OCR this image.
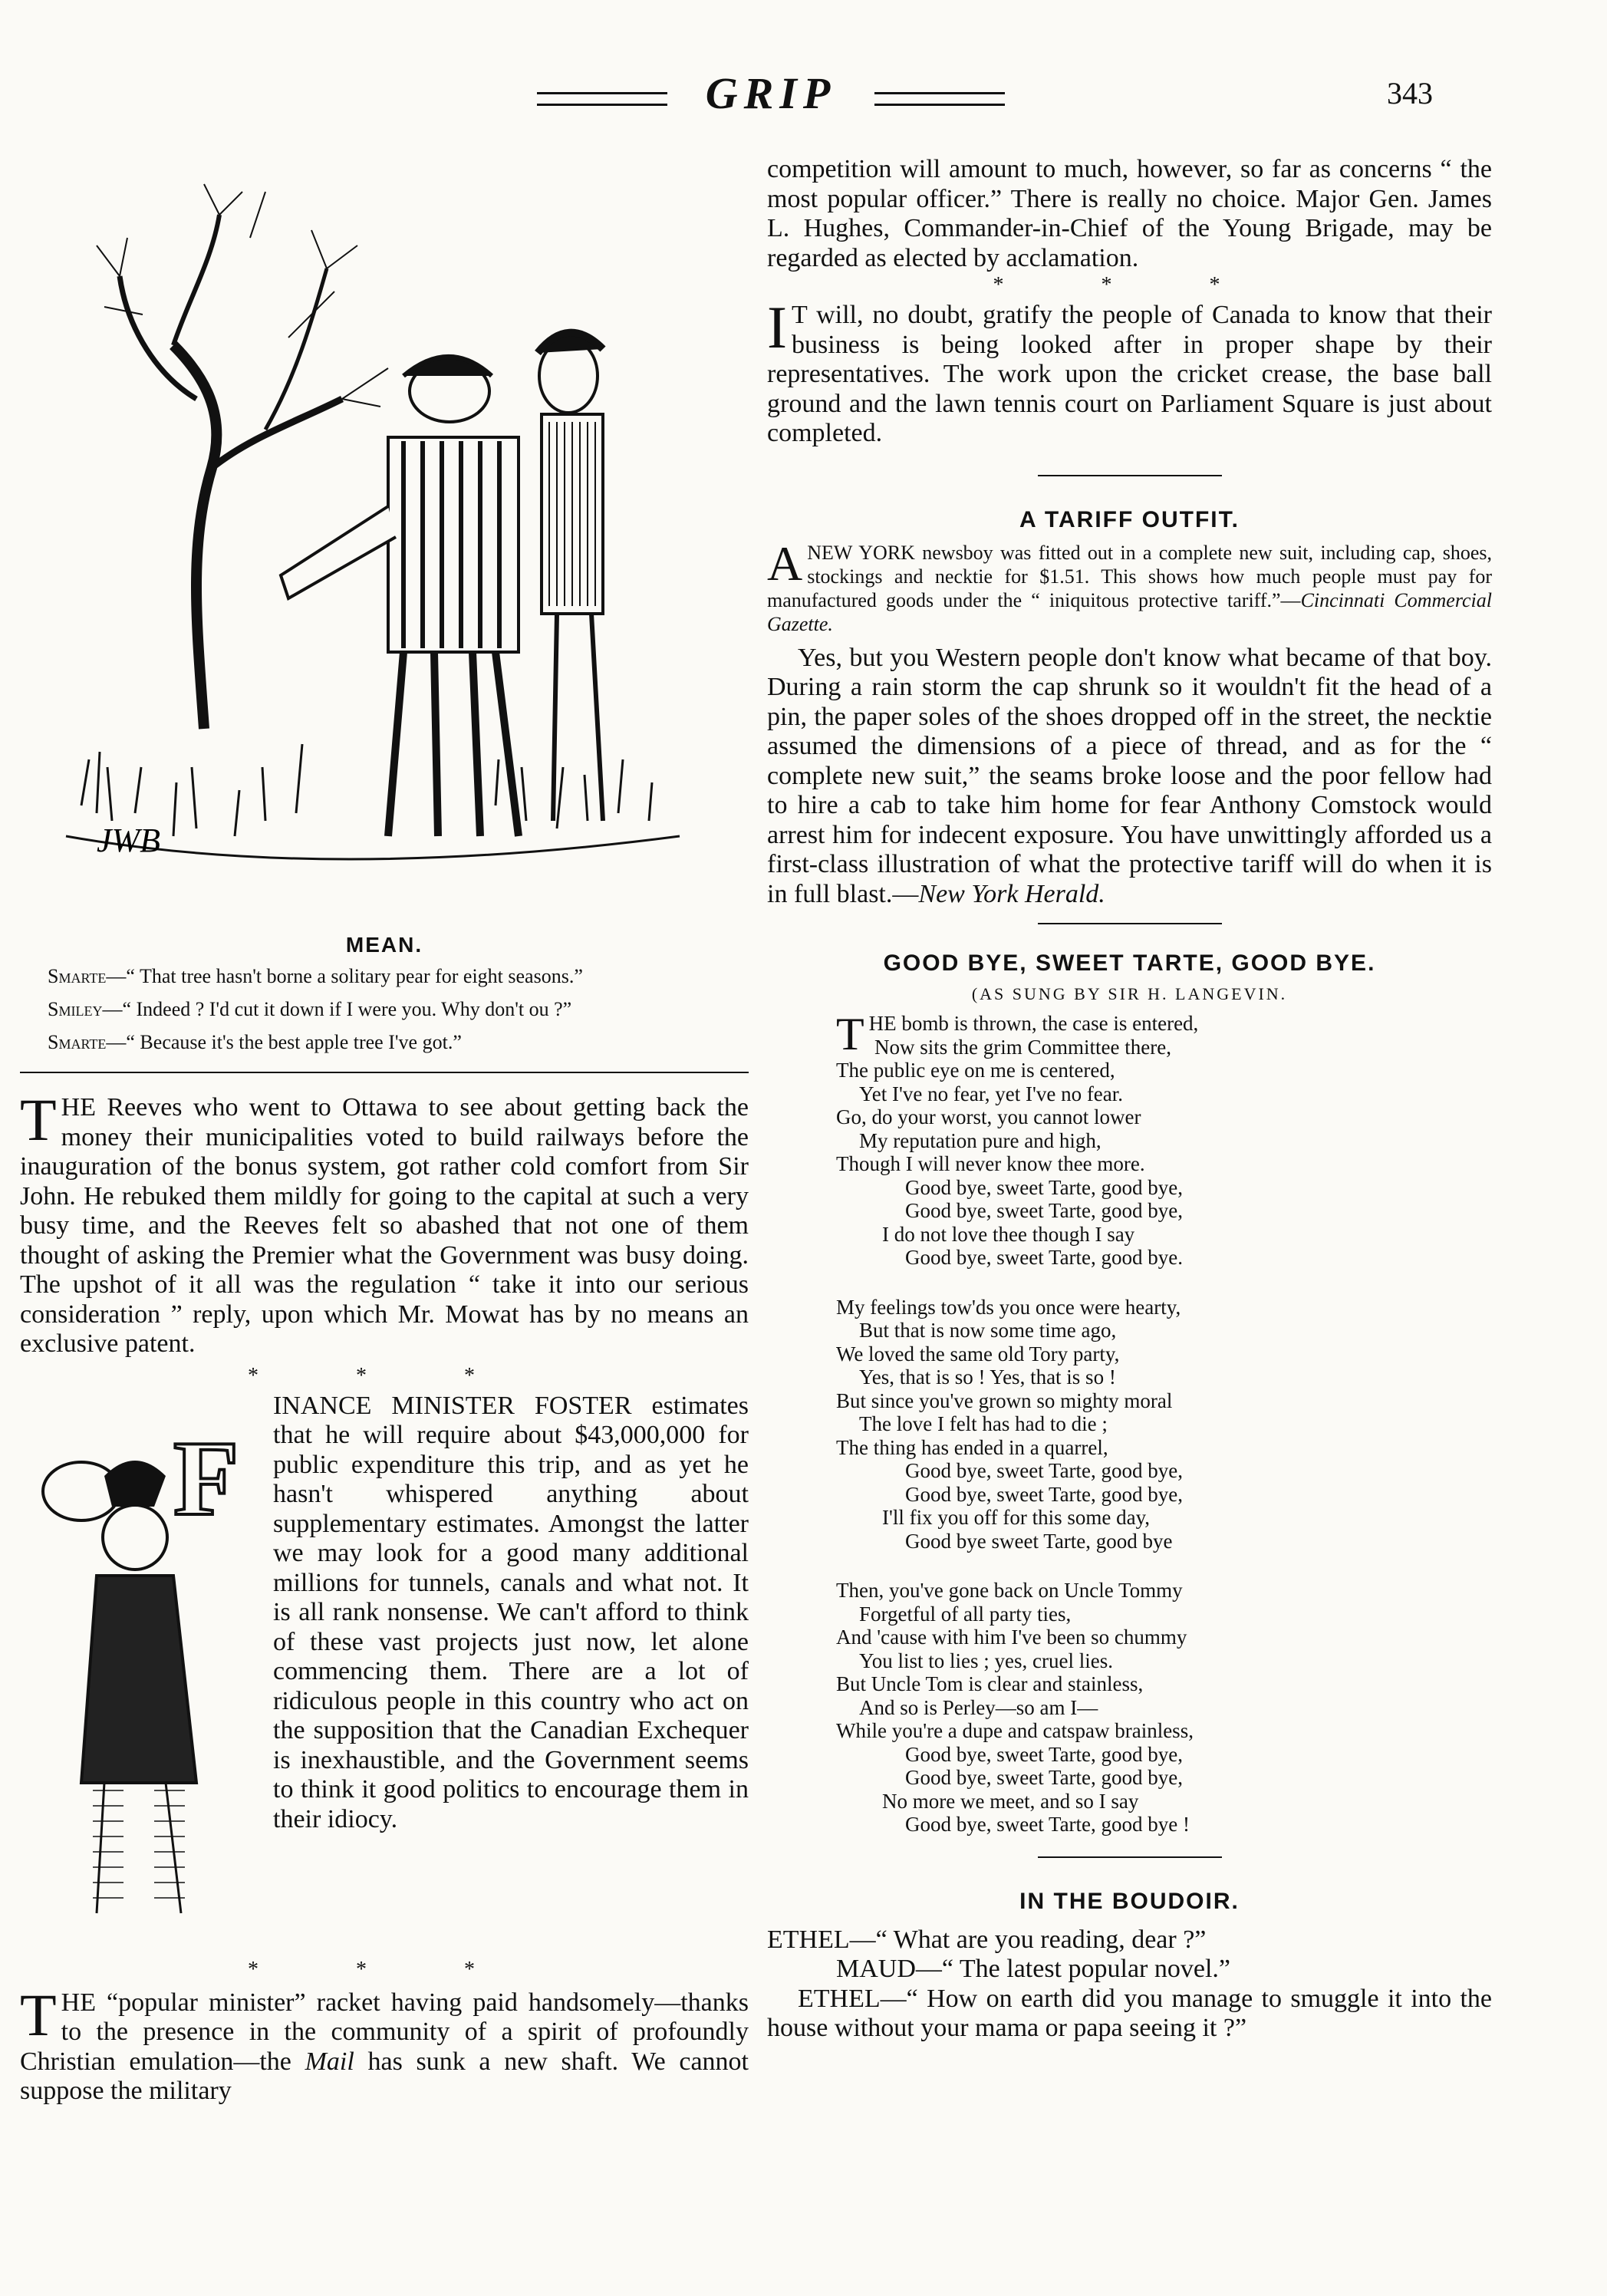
GRIP	343
JWB
MEAN.

Smarte—“ That tree hasn't borne a solitary pear for eight seasons.”

Smiley—“ Indeed ? I'd cut it down if I were you. Why don't ou ?”

Smarte—“ Because it's the best apple tree I've got.”

T HE Reeves who went to Ottawa to see about getting back the money their municipalities voted to build railways before the inauguration of the bonus system, got rather cold comfort from Sir John. He rebuked them mildly for going to the capital at such a very busy time, and the Reeves felt so abashed that not one of them thought of asking the Premier what the Government was busy doing. The upshot of it all was the regulation “ take it into our serious consideration ” reply, upon which Mr. Mowat has by no means an exclusive patent.

* * *
F

INANCE MINISTER FOSTER estimates that he will require about $43,000,000 for public expenditure this trip, and as yet he hasn't whispered anything about supplementary estimates. Amongst the latter we may look for a good many additional millions for tunnels, canals and what not. It is all rank nonsense. We can't afford to think of these vast projects just now, let alone commencing them. There are a lot of ridiculous people in this country who act on the supposition that the Canadian Exchequer is inexhaustible, and the Government seems to think it good politics to encourage them in their idiocy.

* * *
T HE “popular minister” racket having paid handsomely—thanks to the presence in the community of a spirit of profoundly Christian emulation—the Mail has sunk a new shaft. We cannot suppose the military

competition will amount to much, however, so far as concerns “ the most popular officer.” There is really no choice. Major Gen. James L. Hughes, Commander-in-Chief of the Young Brigade, may be regarded as elected by acclamation.

* * *
I T will, no doubt, gratify the people of Canada to know that their business is being looked after in proper shape by their representatives. The work upon the cricket crease, the base ball ground and the lawn tennis court on Parliament Square is just about completed.

A TARIFF OUTFIT.
A NEW YORK newsboy was fitted out in a complete new suit, including cap, shoes, stockings and necktie for $1.51. This shows how much people must pay for manufactured goods under the “ iniquitous protective tariff.”—Cincinnati Commercial Gazette.

Yes, but you Western people don't know what became of that boy. During a rain storm the cap shrunk so it wouldn't fit the head of a pin, the paper soles of the shoes dropped off in the street, the necktie assumed the dimensions of a piece of thread, and as for the “ complete new suit,” the seams broke loose and the poor fellow had to hire a cab to take him home for fear Anthony Comstock would arrest him for indecent exposure. You have unwittingly afforded us a first-class illustration of what the protective tariff will do when it is in full blast.—New York Herald.

GOOD BYE, SWEET TARTE, GOOD BYE.
(AS SUNG BY SIR H. LANGEVIN.
T HE bomb is thrown, the case is entered,
Now sits the grim Committee there,
The public eye on me is centered,
Yet I've no fear, yet I've no fear.
Go, do your worst, you cannot lower
My reputation pure and high,
Though I will never know thee more.
Good bye, sweet Tarte, good bye,
Good bye, sweet Tarte, good bye,
I do not love thee though I say
Good bye, sweet Tarte, good bye.
My feelings tow'ds you once were hearty,
But that is now some time ago,
We loved the same old Tory party,
Yes, that is so ! Yes, that is so !
But since you've grown so mighty moral
The love I felt has had to die ;
The thing has ended in a quarrel,
Good bye, sweet Tarte, good bye,
Good bye, sweet Tarte, good bye,
I'll fix you off for this some day,
Good bye sweet Tarte, good bye
Then, you've gone back on Uncle Tommy
Forgetful of all party ties,
And 'cause with him I've been so chummy
You list to lies ; yes, cruel lies.
But Uncle Tom is clear and stainless,
And so is Perley—so am I—
While you're a dupe and catspaw brainless,
Good bye, sweet Tarte, good bye,
Good bye, sweet Tarte, good bye,
No more we meet, and so I say
Good bye, sweet Tarte, good bye !
IN THE BOUDOIR.

ETHEL—“ What are you reading, dear ?”

MAUD—“ The latest popular novel.”

ETHEL—“ How on earth did you manage to smuggle it into the house without your mama or papa seeing it ?”
